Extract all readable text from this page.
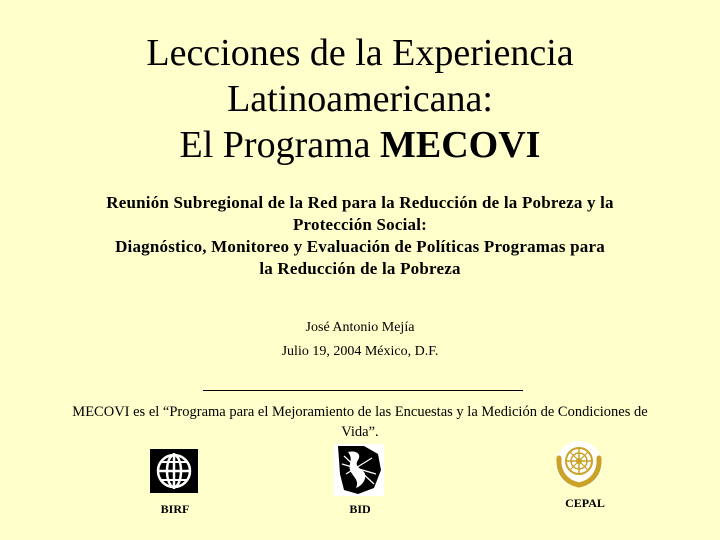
Lecciones de la Experiencia
Latinoamericana:
El Programa MECOVI
Reunión Subregional de la Red para la Reducción de la Pobreza y la
Protección Social:
Diagnóstico, Monitoreo y Evaluación de Políticas Programas para
la Reducción de la Pobreza
José Antonio Mejía
Julio 19, 2004 México, D.F.
MECOVI es el “Programa para el Mejoramiento de las Encuestas y la Medición de Condiciones de Vida”.
BIRF	BID	CEPAL
